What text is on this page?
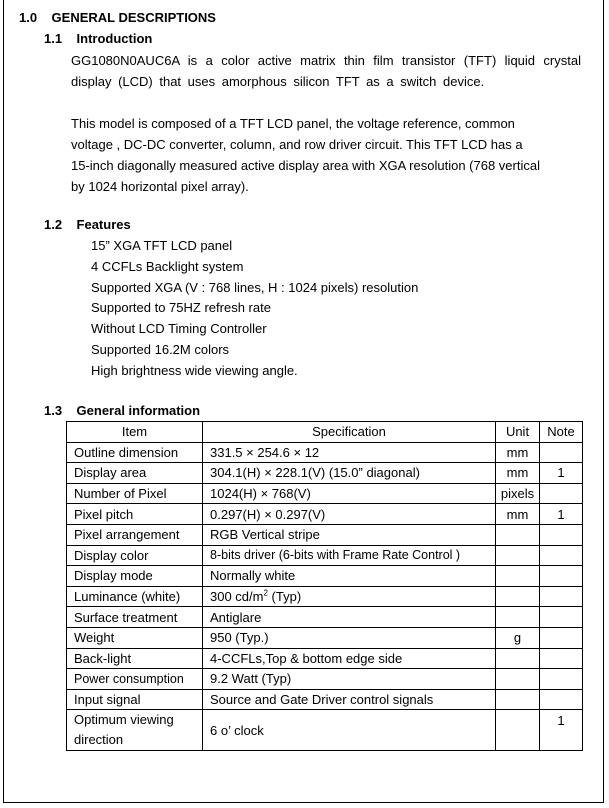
1.0 GENERAL DESCRIPTIONS
1.1 Introduction
GG1080N0AUC6A is a color active matrix thin film transistor (TFT) liquid crystal
display (LCD) that uses amorphous silicon TFT as a switch device.
This model is composed of a TFT LCD panel, the voltage reference, common
voltage , DC-DC converter, column, and row driver circuit. This TFT LCD has a
15-inch diagonally measured active display area with XGA resolution (768 vertical
by 1024 horizontal pixel array).
1.2 Features
15” XGA TFT LCD panel
4 CCFLs Backlight system
Supported XGA (V : 768 lines, H : 1024 pixels) resolution
Supported to 75HZ refresh rate
Without LCD Timing Controller
Supported 16.2M colors
High brightness wide viewing angle.
1.3 General information
Item	Specification	Unit	Note
Outline dimension	331.5 × 254.6 × 12	mm	
Display area	304.1(H) × 228.1(V) (15.0” diagonal)	mm	1
Number of Pixel	1024(H) × 768(V)	pixels	
Pixel pitch	0.297(H) × 0.297(V)	mm	1
Pixel arrangement	RGB Vertical stripe		
Display color	8-bits driver (6-bits with Frame Rate Control )		
Display mode	Normally white		
Luminance (white)	300 $cd/m^2$ (Typ)		
Surface treatment	Antiglare		
Weight	950 (Typ.)	g	
Back-light	4-CCFLs,Top & bottom edge side		
Power consumption	9.2 Watt (Typ)		
Input signal	Source and Gate Driver control signals		
Optimum viewing direction	6 o’ clock		1
